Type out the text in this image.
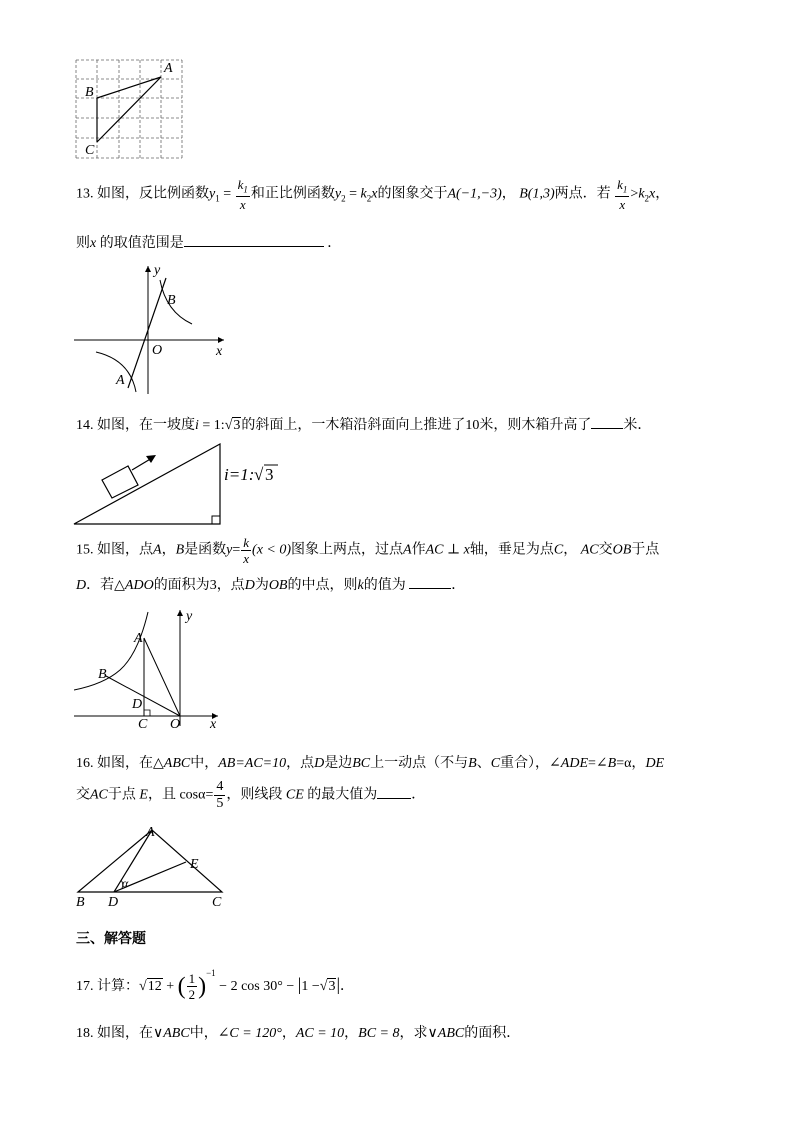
A
B
C
13. 如图，反比例函数$y_1 = \frac{k_1}{x}$ 和正比例函数$y_2 = k_2x$的图象交于A(−1,−3)， B(1,3)两点．若 $\frac{k_1}{x} >k_2x$，
则x 的取值范围是	．
y
x
O
B
A
14. 如图，在一坡度i = 1:√3的斜面上，一木箱沿斜面向上推进了10米，则木箱升高了 米．
i=1: √ 3
15. 如图，点A，B是函数$y= \frac{k}{x} (x < 0)$图象上两点，过点A作AC ⊥ x轴，垂足为点C， AC交OB于点
D．若△ADO的面积为3，点D为OB的中点，则k的值为	．
y
x
A
B
D
C O
16. 如图，在△ABC中，AB=AC=10，点D是边BC上一动点（不与B、C重合），∠ADE=∠B=α，DE
交AC于点 E，且 $\cos\alpha= \frac{4}{5}$ ，则线段 CE 的最大值为 ．
A
E
α
B D	C
三、解答题
17. 计算：√12 + ( $\frac{1}{2} )^{-1} - 2$ cos 30° − |1 −√3|．
18. 如图，在∨ABC中，∠C = 120°，AC = 10，BC = 8，求∨ABC的面积．
